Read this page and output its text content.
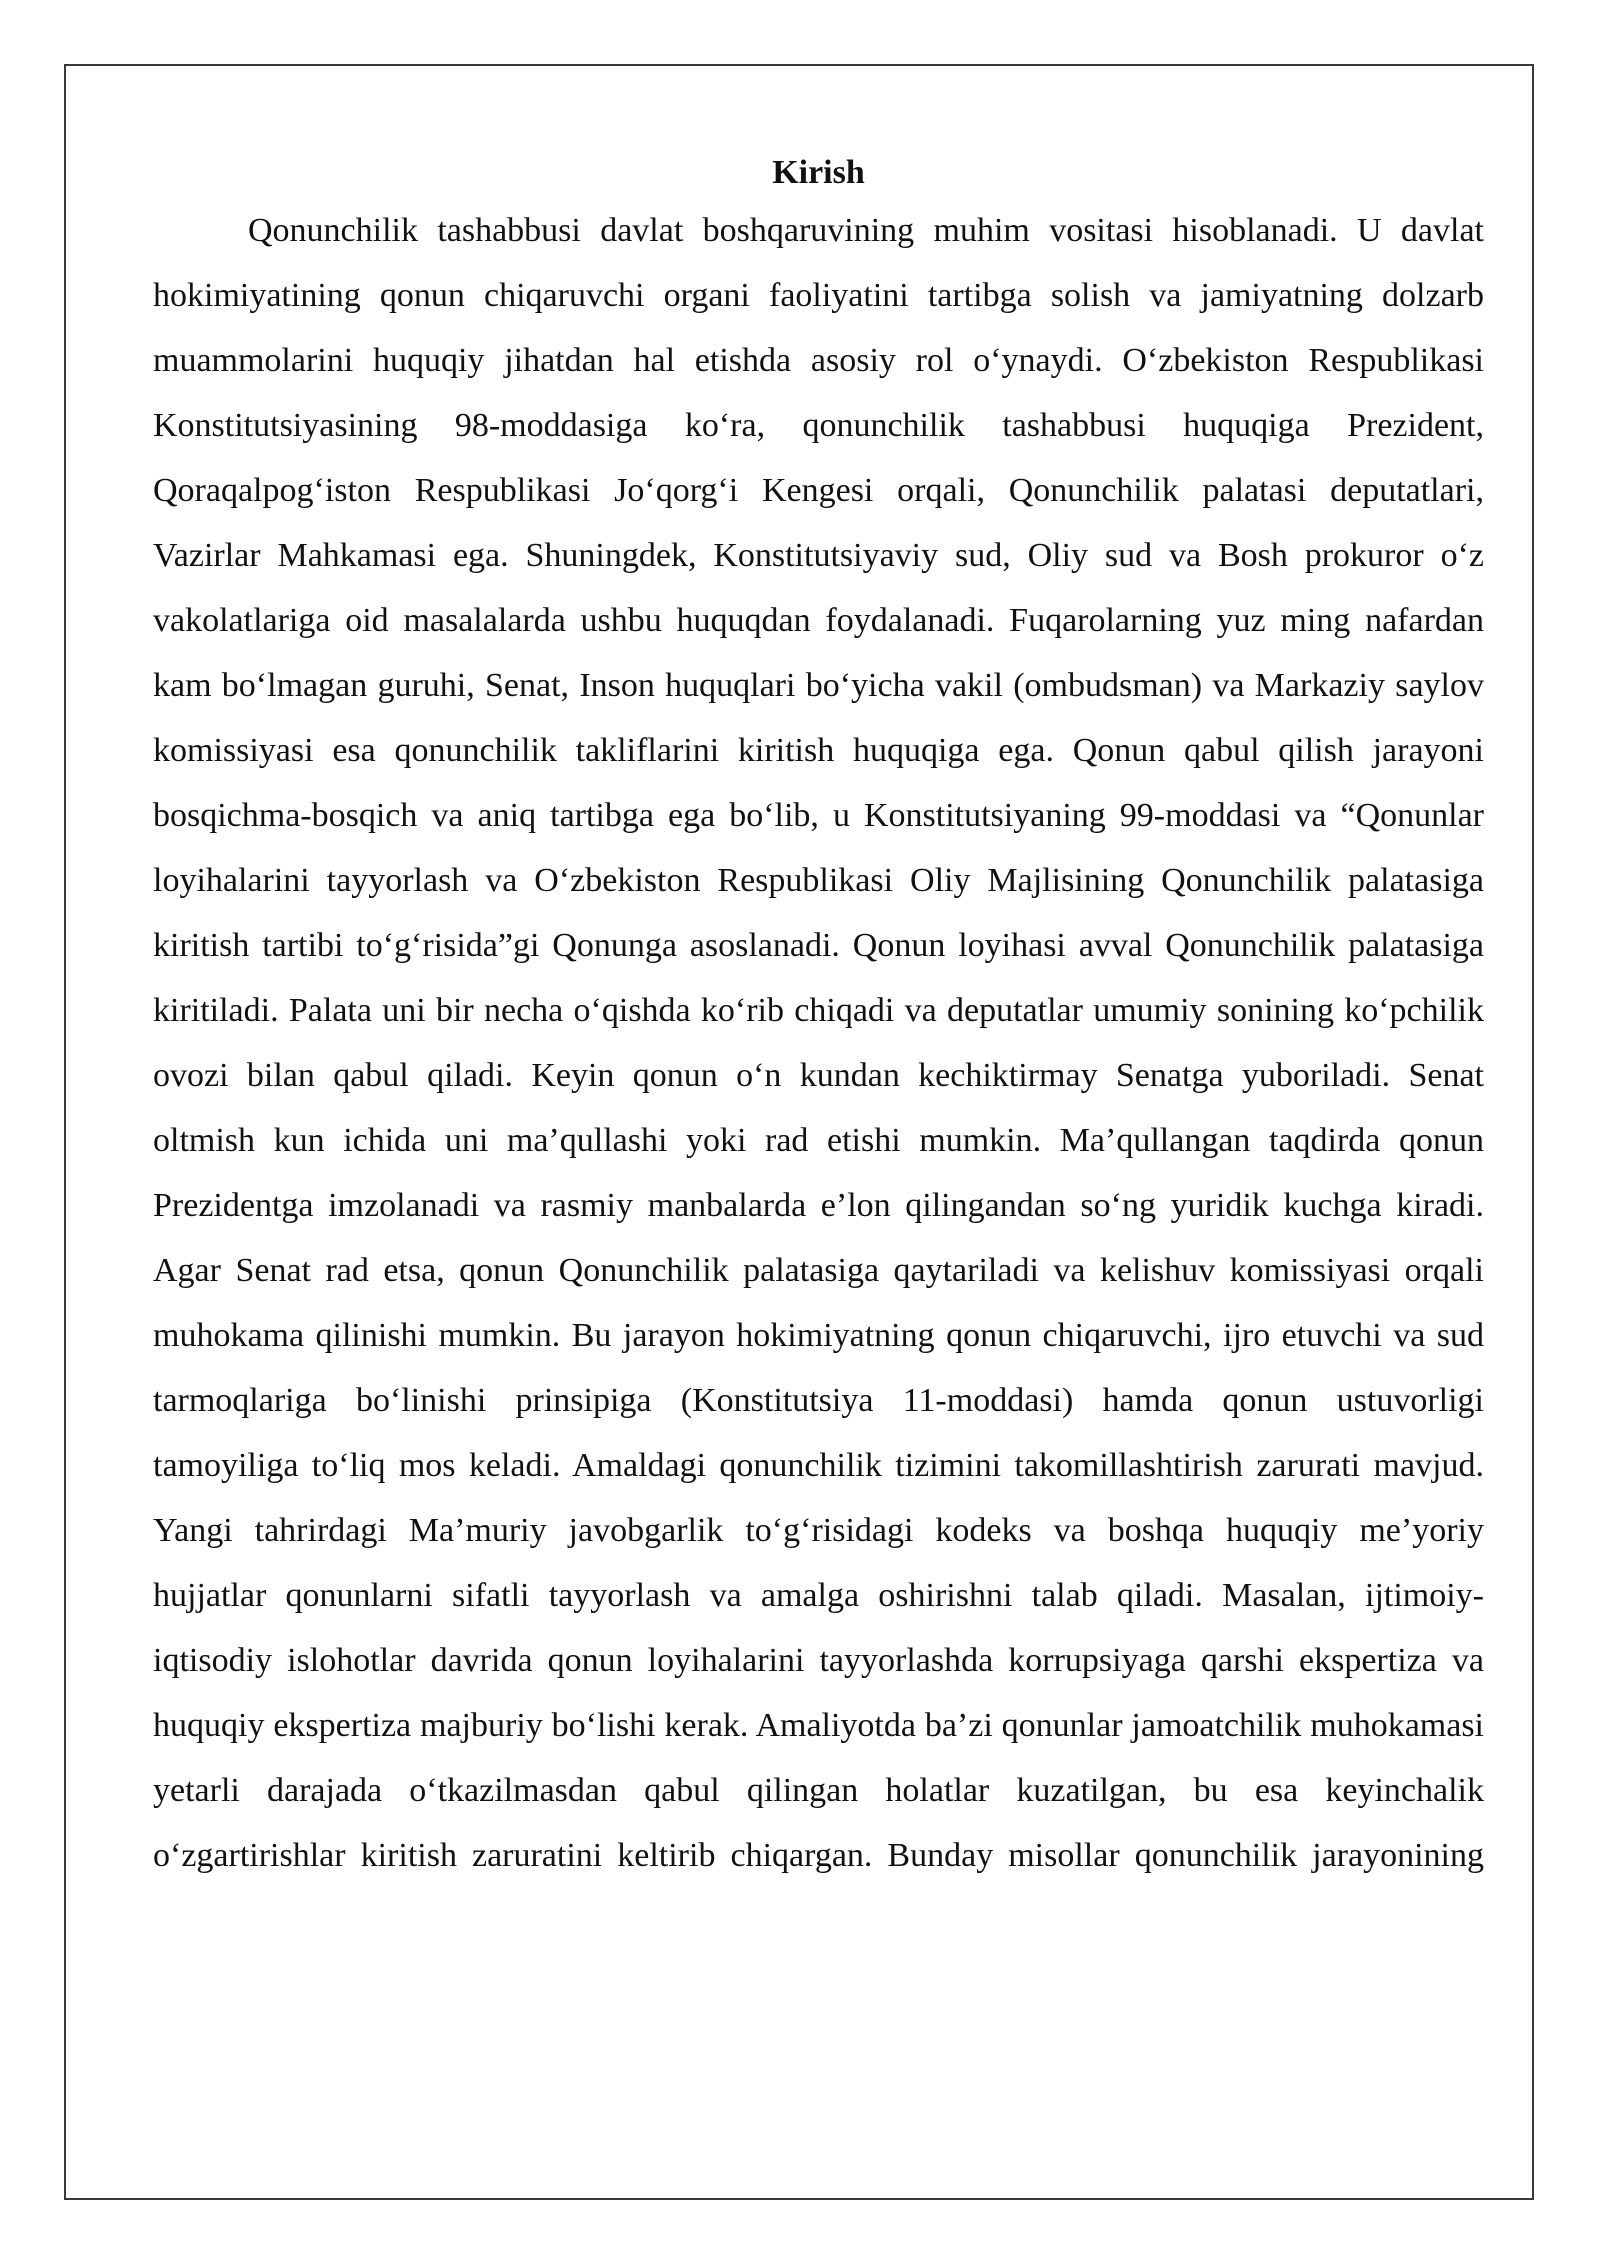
Kirish

Qonunchilik tashabbusi davlat boshqaruvining muhim vositasi hisoblanadi. U davlat hokimiyatining qonun chiqaruvchi organi faoliyatini tartibga solish va jamiyatning dolzarb muammolarini huquqiy jihatdan hal etishda asosiy rol oʻynaydi. Oʻzbekiston Respublikasi Konstitutsiyasining 98-moddasiga koʻra, qonunchilik tashabbusi huquqiga Prezident, Qoraqalpogʻiston Respublikasi Joʻqorgʻi Kengesi orqali, Qonunchilik palatasi deputatlari, Vazirlar Mahkamasi ega. Shuningdek, Konstitutsiyaviy sud, Oliy sud va Bosh prokuror oʻz vakolatlariga oid masalalarda ushbu huquqdan foydalanadi. Fuqarolarning yuz ming nafardan kam boʻlmagan guruhi, Senat, Inson huquqlari boʻyicha vakil (ombudsman) va Markaziy saylov komissiyasi esa qonunchilik takliflarini kiritish huquqiga ega. Qonun qabul qilish jarayoni bosqichma-bosqich va aniq tartibga ega boʻlib, u Konstitutsiyaning 99-moddasi va “Qonunlar loyihalarini tayyorlash va Oʻzbekiston Respublikasi Oliy Majlisining Qonunchilik palatasiga kiritish tartibi toʻgʻrisida”gi Qonunga asoslanadi. Qonun loyihasi avval Qonunchilik palatasiga kiritiladi. Palata uni bir necha oʻqishda koʻrib chiqadi va deputatlar umumiy sonining koʻpchilik ovozi bilan qabul qiladi. Keyin qonun oʻn kundan kechiktirmay Senatga yuboriladi. Senat oltmish kun ichida uni ma’qullashi yoki rad etishi mumkin. Ma’qullangan taqdirda qonun Prezidentga imzolanadi va rasmiy manbalarda e’lon qilingandan soʻng yuridik kuchga kiradi. Agar Senat rad etsa, qonun Qonunchilik palatasiga qaytariladi va kelishuv komissiyasi orqali muhokama qilinishi mumkin. Bu jarayon hokimiyatning qonun chiqaruvchi, ijro etuvchi va sud tarmoqlariga boʻlinishi prinsipiga (Konstitutsiya 11-moddasi) hamda qonun ustuvorligi tamoyiliga toʻliq mos keladi. Amaldagi qonunchilik tizimini takomillashtirish zarurati mavjud. Yangi tahrirdagi Ma’muriy javobgarlik toʻgʻrisidagi kodeks va boshqa huquqiy me’yoriy hujjatlar qonunlarni sifatli tayyorlash va amalga oshirishni talab qiladi. Masalan, ijtimoiy-iqtisodiy islohotlar davrida qonun loyihalarini tayyorlashda korrupsiyaga qarshi ekspertiza va huquqiy ekspertiza majburiy boʻlishi kerak. Amaliyotda ba’zi qonunlar jamoatchilik muhokamasi yetarli darajada oʻtkazilmasdan qabul qilingan holatlar kuzatilgan, bu esa keyinchalik oʻzgartirishlar kiritish zaruratini keltirib chiqargan. Bunday misollar qonunchilik jarayonining
